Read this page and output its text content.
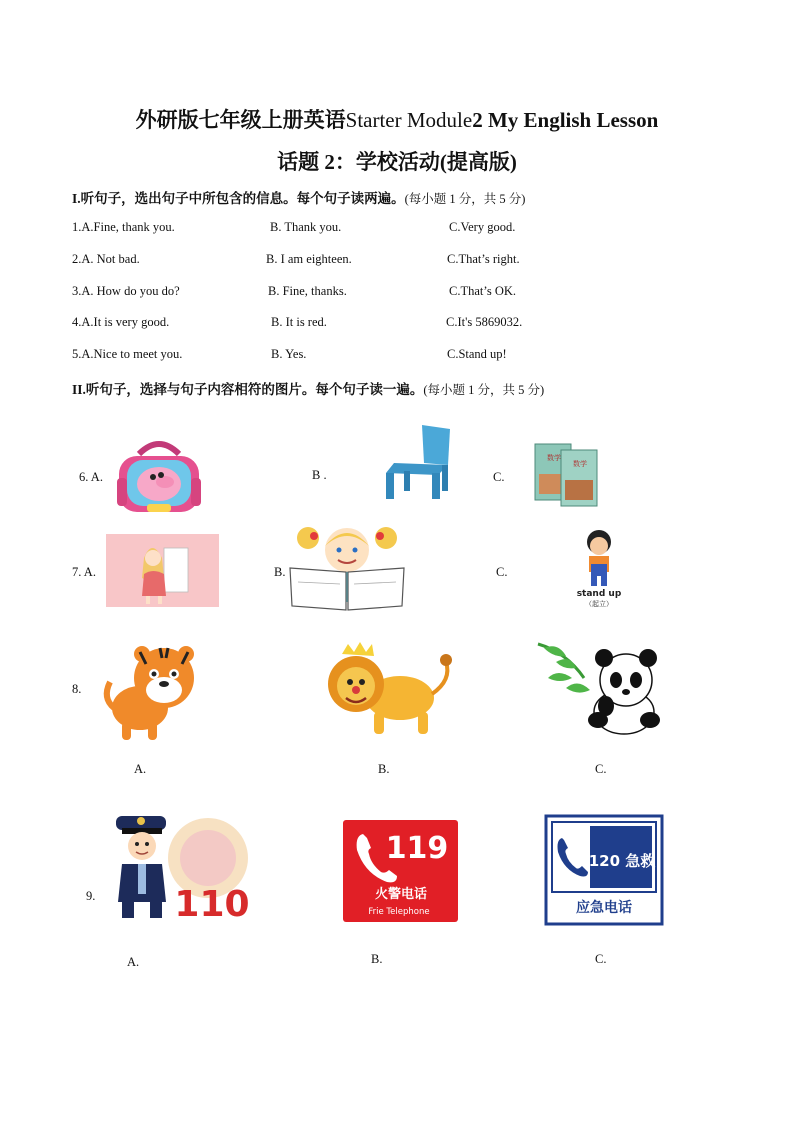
外研版七年级上册英语Starter Module2 My English Lesson
话题 2：学校活动(提高版)
I.听句子，选出句子中所包含的信息。每个句子读两遍。(每小题 1 分，共 5 分)
1.A.Fine, thank you.	B. Thank you.	C.Very good.
2.A. Not bad.	B. I am eighteen.	C.That’s right.
3.A. How do you do?	B. Fine, thanks.	C.That’s OK.
4.A.It is very good.	B. It is red.	C.It's 5869032.
5.A.Nice to meet you.	B. Yes.	C.Stand up!
II.听句子，选择与句子内容相符的图片。每个句子读一遍。(每小题 1 分，共 5 分)
6. A.	B .	C.
数学
数学
7. A.	B.	C.
stand up
（起立）
8.
A.	B.	C.
9. 110
119
火警电话
Frie Telephone
120 急救
应急电话
A.	B.	C.
